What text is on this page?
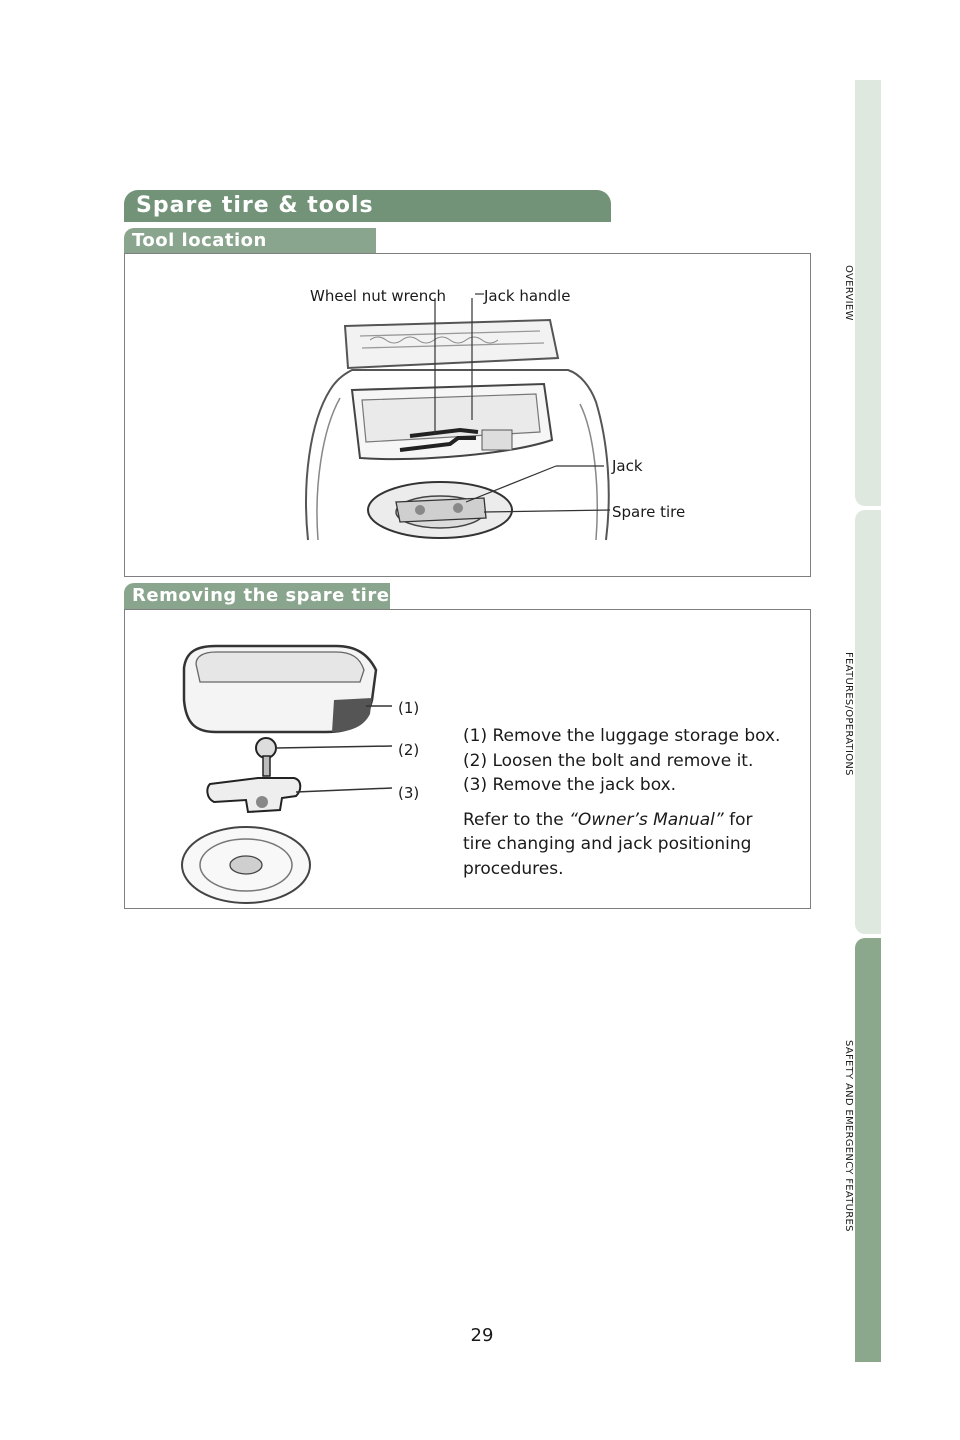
OVERVIEW
FEATURES/OPERATIONS
SAFETY AND EMERGENCY FEATURES
Spare tire & tools
Tool location
Wheel nut wrench	Jack handle
Jack
Spare tire
Removing the spare tire
(1)
(2)
(3)

(1) Remove the luggage storage box.

(2) Loosen the bolt and remove it.

(3) Remove the jack box.

Refer to the “Owner’s Manual” for

tire changing and jack positioning

procedures.

29
